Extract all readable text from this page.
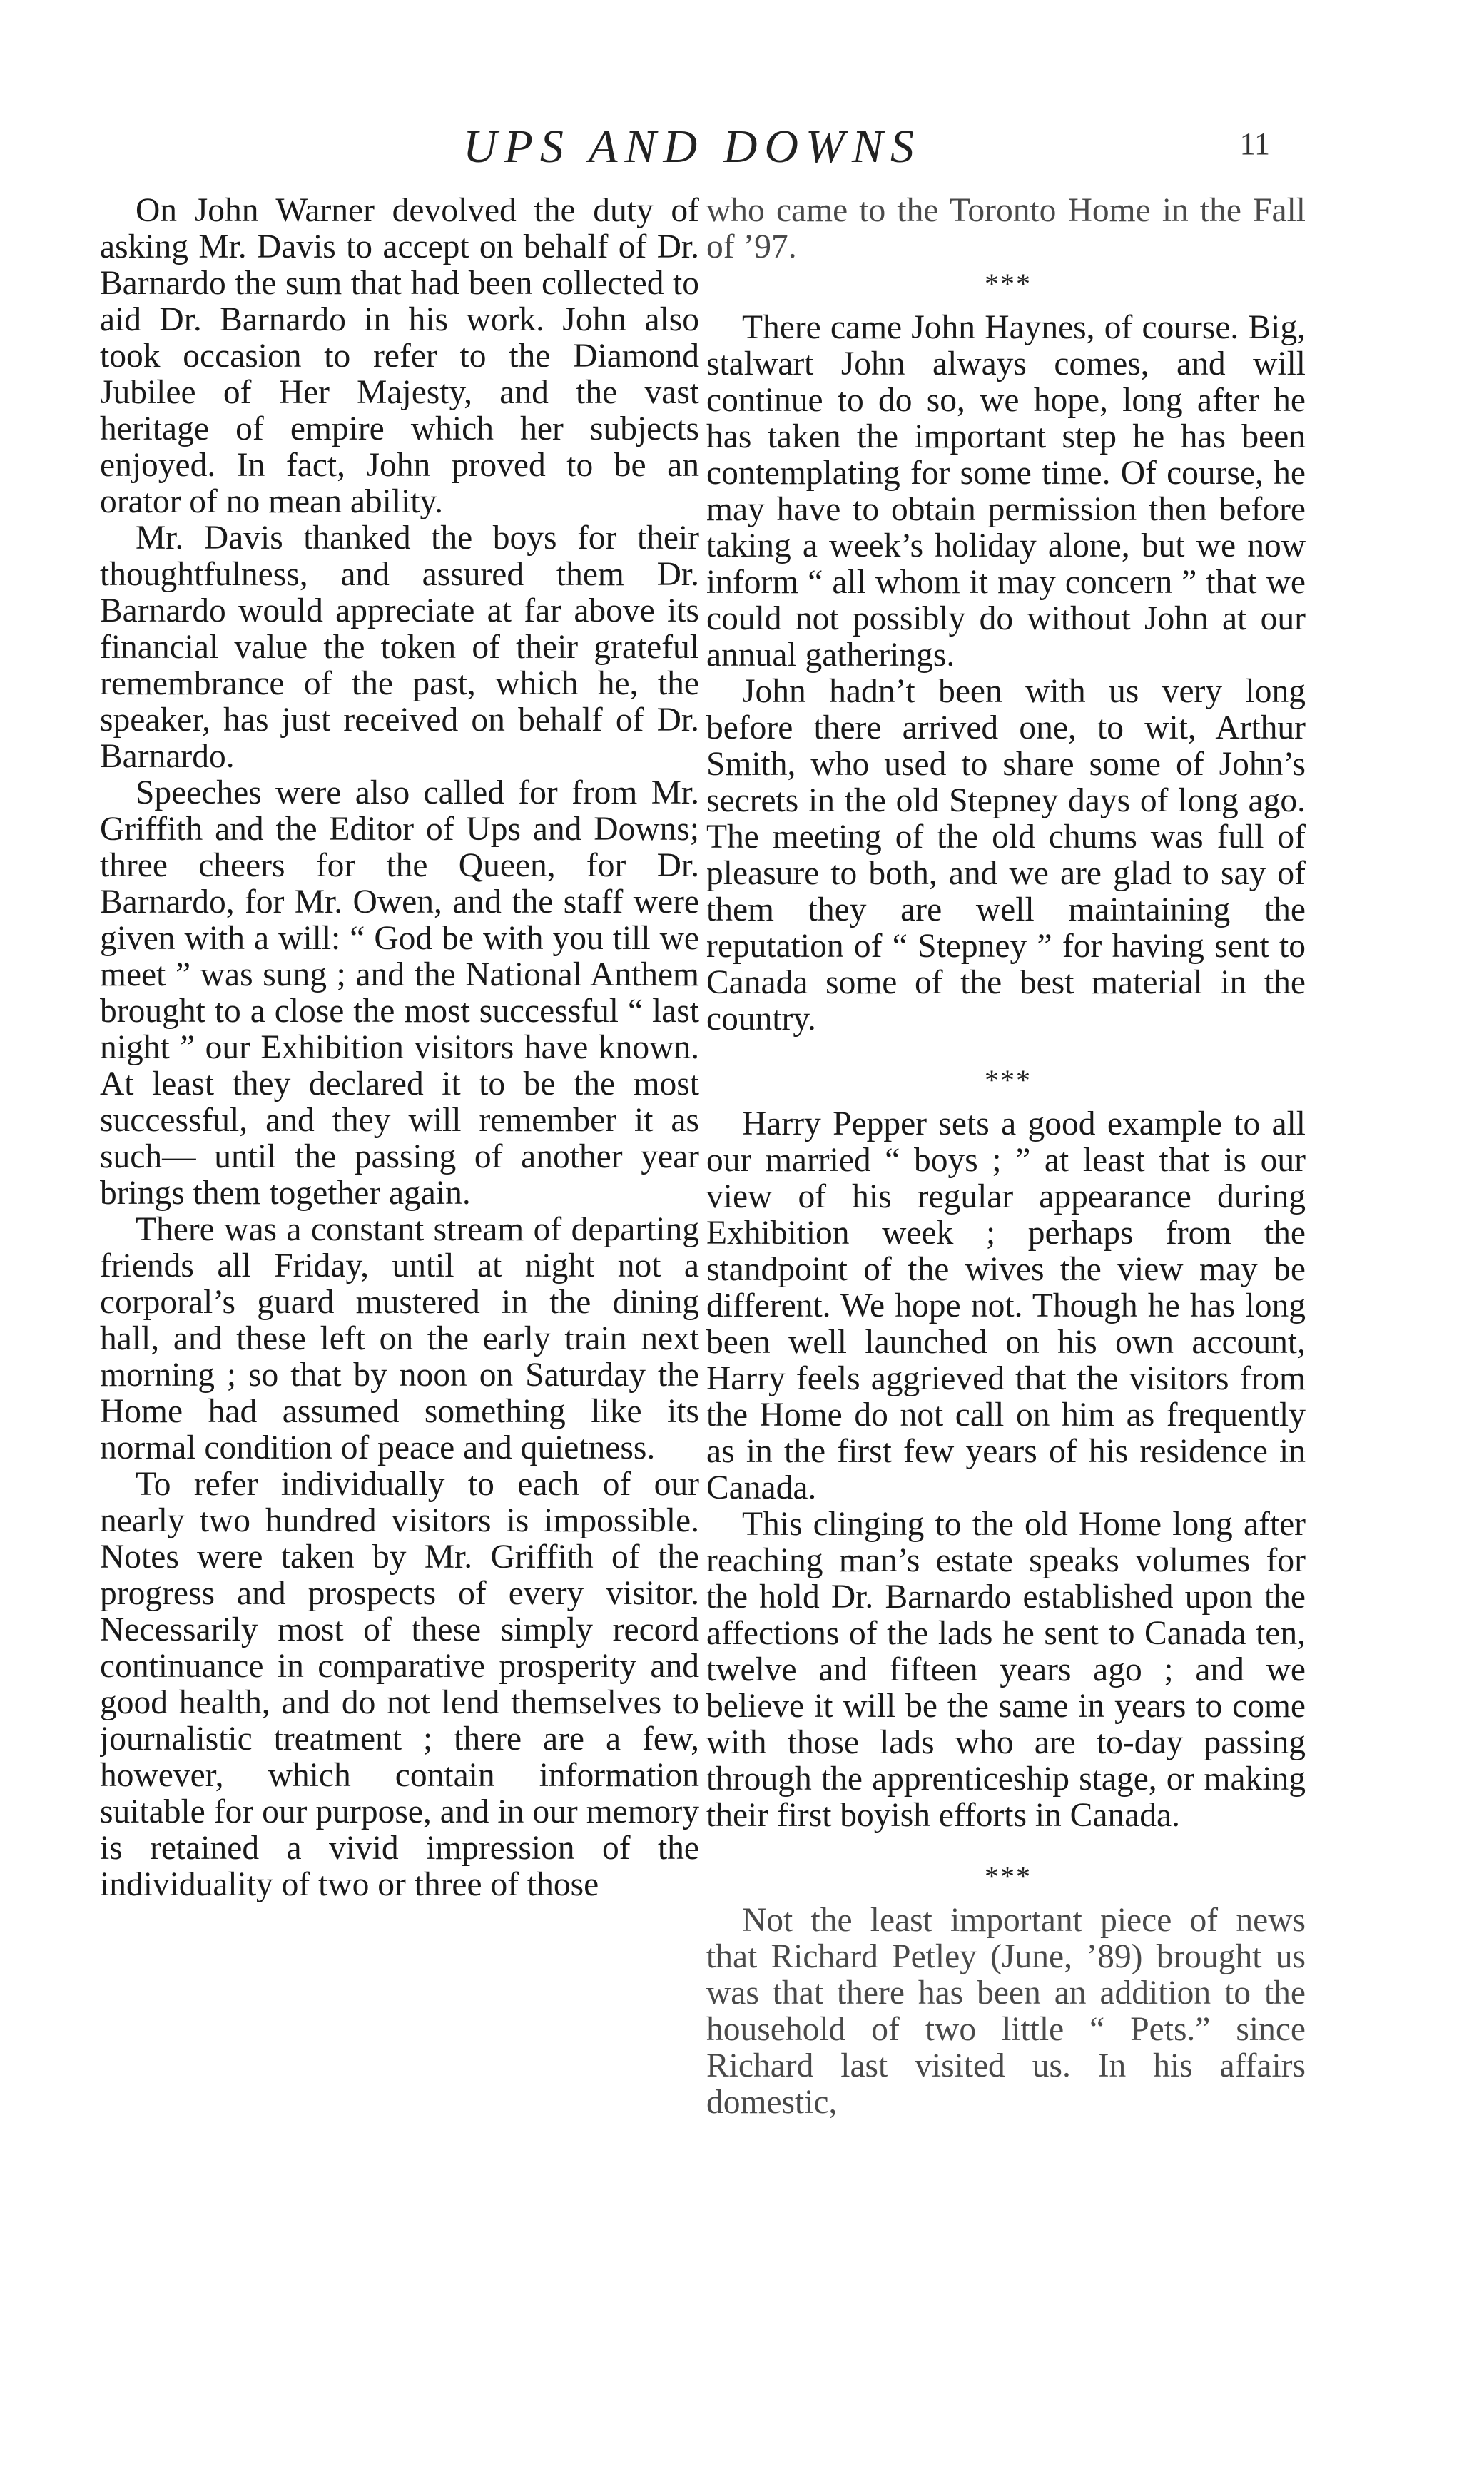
UPS AND DOWNS	11

On John Warner devolved the duty of asking Mr. Davis to accept on behalf of Dr. Barnardo the sum that had been collected to aid Dr. Barnardo in his work. John also took occasion to refer to the Diamond Jubilee of Her Majesty, and the vast heritage of empire which her subjects enjoyed. In fact, John proved to be an orator of no mean ability.

Mr. Davis thanked the boys for their thoughtfulness, and assured them Dr. Barnardo would appreciate at far above its financial value the token of their grateful remembrance of the past, which he, the speaker, has just received on behalf of Dr. Barnardo.

Speeches were also called for from Mr. Griffith and the Editor of Ups and Downs; three cheers for the Queen, for Dr. Barnardo, for Mr. Owen, and the staff were given with a will: “ God be with you till we meet ” was sung ; and the National Anthem brought to a close the most successful “ last night ” our Exhibition visitors have known. At least they declared it to be the most successful, and they will remember it as such— until the passing of another year brings them together again.

There was a constant stream of departing friends all Friday, until at night not a corporal’s guard mustered in the dining hall, and these left on the early train next morning ; so that by noon on Saturday the Home had assumed something like its normal condition of peace and quietness.

To refer individually to each of our nearly two hundred visitors is impossible. Notes were taken by Mr. Griffith of the progress and prospects of every visitor. Necessarily most of these simply record continuance in comparative prosperity and good health, and do not lend themselves to journalistic treatment ; there are a few, however, which contain information suitable for our purpose, and in our memory is retained a vivid impression of the individuality of two or three of those

who came to the Toronto Home in the Fall of ’97.

* * *

There came John Haynes, of course. Big, stalwart John always comes, and will continue to do so, we hope, long after he has taken the important step he has been contemplating for some time. Of course, he may have to obtain permission then before taking a week’s holiday alone, but we now inform “ all whom it may concern ” that we could not possibly do without John at our annual gatherings.

John hadn’t been with us very long before there arrived one, to wit, Arthur Smith, who used to share some of John’s secrets in the old Stepney days of long ago. The meeting of the old chums was full of pleasure to both, and we are glad to say of them they are well maintaining the reputation of “ Stepney ” for having sent to Canada some of the best material in the country.

* * *

Harry Pepper sets a good example to all our married “ boys ; ” at least that is our view of his regular appearance during Exhibition week ; perhaps from the standpoint of the wives the view may be different. We hope not. Though he has long been well launched on his own account, Harry feels aggrieved that the visitors from the Home do not call on him as frequently as in the first few years of his residence in Canada.

This clinging to the old Home long after reaching man’s estate speaks volumes for the hold Dr. Barnardo established upon the affections of the lads he sent to Canada ten, twelve and fifteen years ago ; and we believe it will be the same in years to come with those lads who are to-day passing through the apprenticeship stage, or making their first boyish efforts in Canada.

* * *

Not the least important piece of news that Richard Petley (June, ’89) brought us was that there has been an addition to the household of two little “ Pets.” since Richard last visited us. In his affairs domestic,
